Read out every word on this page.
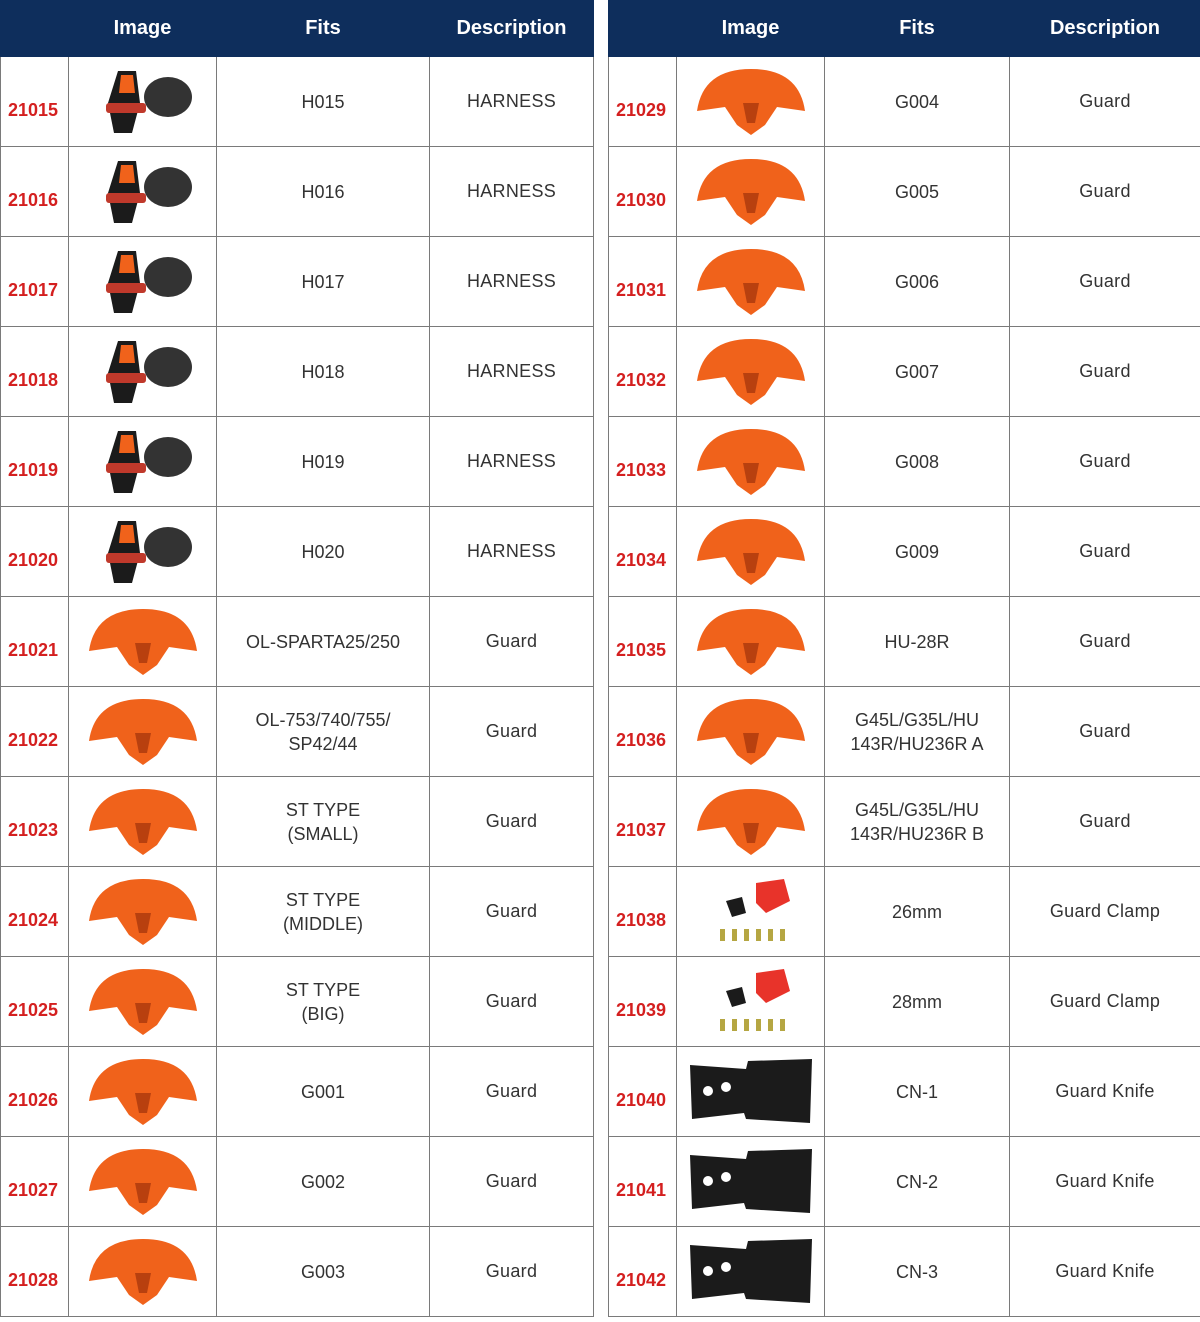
	Image	Fits	Description
21015		H015	HARNESS
21016		H016	HARNESS
21017		H017	HARNESS
21018		H018	HARNESS
21019		H019	HARNESS
21020		H020	HARNESS
21021		OL-SPARTA25/250	Guard
21022		OL-753/740/755/
SP42/44	Guard
21023		ST TYPE
(SMALL)	Guard
21024		ST TYPE
(MIDDLE)	Guard
21025		ST TYPE
(BIG)	Guard
21026		G001	Guard
21027		G002	Guard
21028		G003	Guard
	Image	Fits	Description
21029		G004	Guard
21030		G005	Guard
21031		G006	Guard
21032		G007	Guard
21033		G008	Guard
21034		G009	Guard
21035		HU-28R	Guard
21036		G45L/G35L/HU
143R/HU236R A	Guard
21037		G45L/G35L/HU
143R/HU236R B	Guard
21038		26mm	Guard Clamp
21039		28mm	Guard Clamp
21040		CN-1	Guard Knife
21041		CN-2	Guard Knife
21042		CN-3	Guard Knife
